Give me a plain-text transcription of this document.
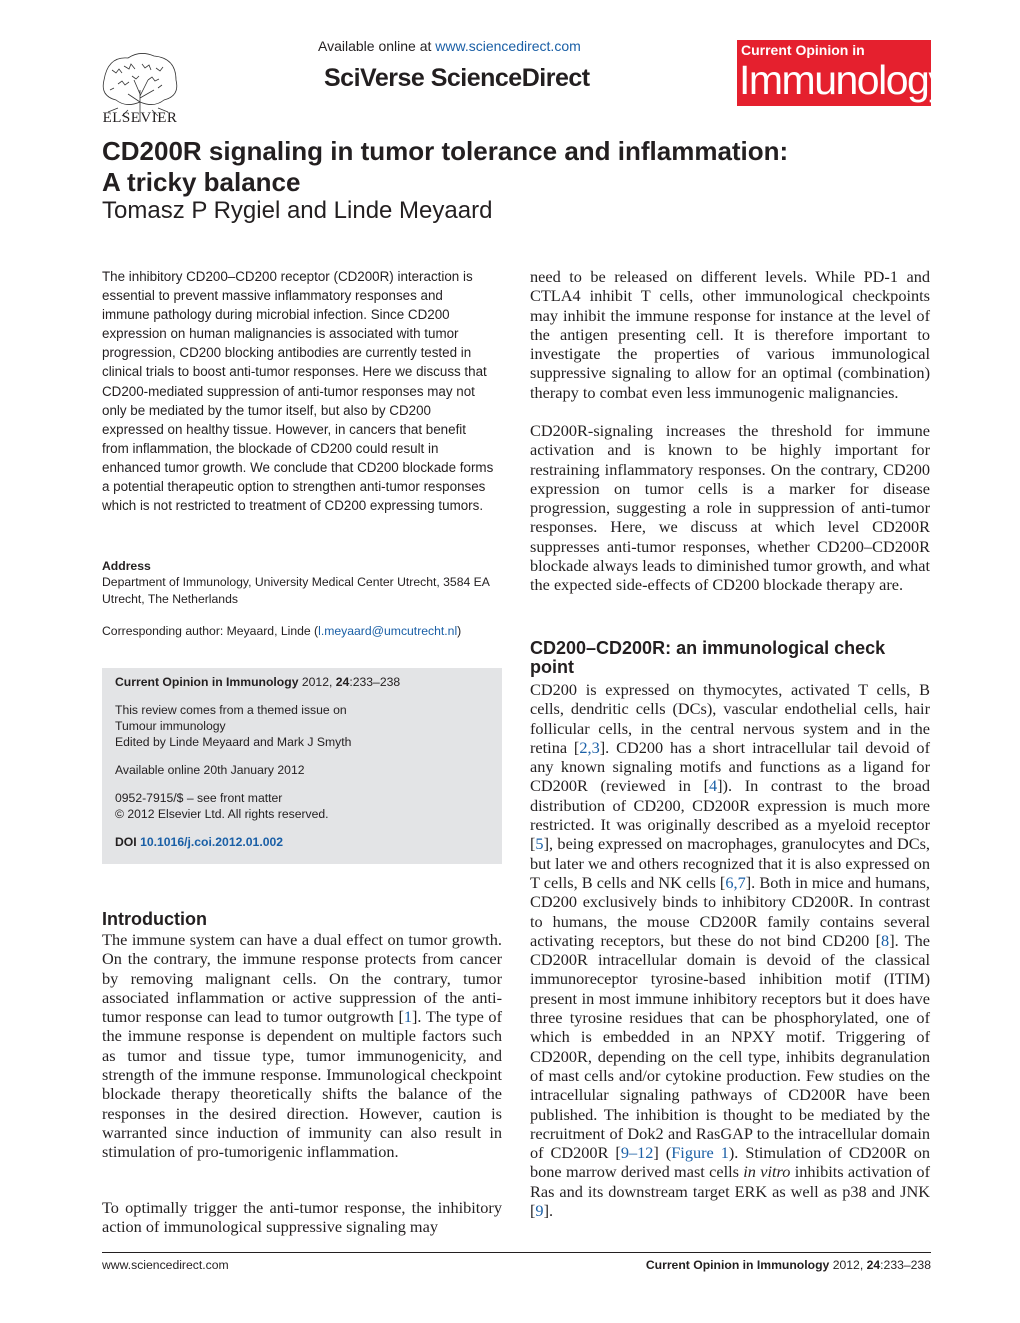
ELSEVIER
Available online at www.sciencedirect.com
SciVerse ScienceDirect
Current Opinion in
Immunology
CD200R signaling in tumor tolerance and inflammation:
A tricky balance
Tomasz P Rygiel and Linde Meyaard
The inhibitory CD200–CD200 receptor (CD200R) interaction is essential to prevent massive inflammatory responses and immune pathology during microbial infection. Since CD200 expression on human malignancies is associated with tumor progression, CD200 blocking antibodies are currently tested in clinical trials to boost anti-tumor responses. Here we discuss that CD200-mediated suppression of anti-tumor responses may not only be mediated by the tumor itself, but also by CD200 expressed on healthy tissue. However, in cancers that benefit from inflammation, the blockade of CD200 could result in enhanced tumor growth. We conclude that CD200 blockade forms a potential therapeutic option to strengthen anti-tumor responses which is not restricted to treatment of CD200 expressing tumors.
Address
Department of Immunology, University Medical Center Utrecht, 3584 EA Utrecht, The Netherlands
Corresponding author: Meyaard, Linde (l.meyaard@umcutrecht.nl)

Current Opinion in Immunology 2012, 24:233–238

This review comes from a themed issue on

Tumour immunology

Edited by Linde Meyaard and Mark J Smyth

Available online 20th January 2012

0952-7915/$ – see front matter

© 2012 Elsevier Ltd. All rights reserved.

DOI 10.1016/j.coi.2012.01.002

Introduction
The immune system can have a dual effect on tumor growth. On the contrary, the immune response protects from cancer by removing malignant cells. On the contrary, tumor associated inflammation or active suppression of the anti-tumor response can lead to tumor outgrowth [1]. The type of the immune response is dependent on multiple factors such as tumor and tissue type, tumor immunogenicity, and strength of the immune response. Immunological checkpoint blockade therapy theoretically shifts the balance of the responses in the desired direction. However, caution is warranted since induction of immunity can also result in stimulation of pro-tumorigenic inflammation.
To optimally trigger the anti-tumor response, the inhibitory action of immunological suppressive signaling may
need to be released on different levels. While PD-1 and CTLA4 inhibit T cells, other immunological checkpoints may inhibit the immune response for instance at the level of the antigen presenting cell. It is therefore important to investigate the properties of various immunological suppressive signaling to allow for an optimal (combination) therapy to combat even less immunogenic malignancies.
CD200R-signaling increases the threshold for immune activation and is known to be highly important for restraining inflammatory responses. On the contrary, CD200 expression on tumor cells is a marker for disease progression, suggesting a role in suppression of anti-tumor responses. Here, we discuss at which level CD200R suppresses anti-tumor responses, whether CD200–CD200R blockade always leads to diminished tumor growth, and what the expected side-effects of CD200 blockade therapy are.
CD200–CD200R: an immunological check point
CD200 is expressed on thymocytes, activated T cells, B cells, dendritic cells (DCs), vascular endothelial cells, hair follicular cells, in the central nervous system and in the retina [2,3]. CD200 has a short intracellular tail devoid of any known signaling motifs and functions as a ligand for CD200R (reviewed in [4]). In contrast to the broad distribution of CD200, CD200R expression is much more restricted. It was originally described as a myeloid receptor [5], being expressed on macrophages, granulocytes and DCs, but later we and others recognized that it is also expressed on T cells, B cells and NK cells [6,7]. Both in mice and humans, CD200 exclusively binds to inhibitory CD200R. In contrast to humans, the mouse CD200R family contains several activating receptors, but these do not bind CD200 [8]. The CD200R intracellular domain is devoid of the classical immunoreceptor tyrosine-based inhibition motif (ITIM) present in most immune inhibitory receptors but it does have three tyrosine residues that can be phosphorylated, one of which is embedded in an NPXY motif. Triggering of CD200R, depending on the cell type, inhibits degranulation of mast cells and/or cytokine production. Few studies on the intracellular signaling pathways of CD200R have been published. The inhibition is thought to be mediated by the recruitment of Dok2 and RasGAP to the intracellular domain of CD200R [9–12] (Figure 1). Stimulation of CD200R on bone marrow derived mast cells in vitro inhibits activation of Ras and its downstream target ERK as well as p38 and JNK [9].
www.sciencedirect.com	Current Opinion in Immunology 2012, 24:233–238
